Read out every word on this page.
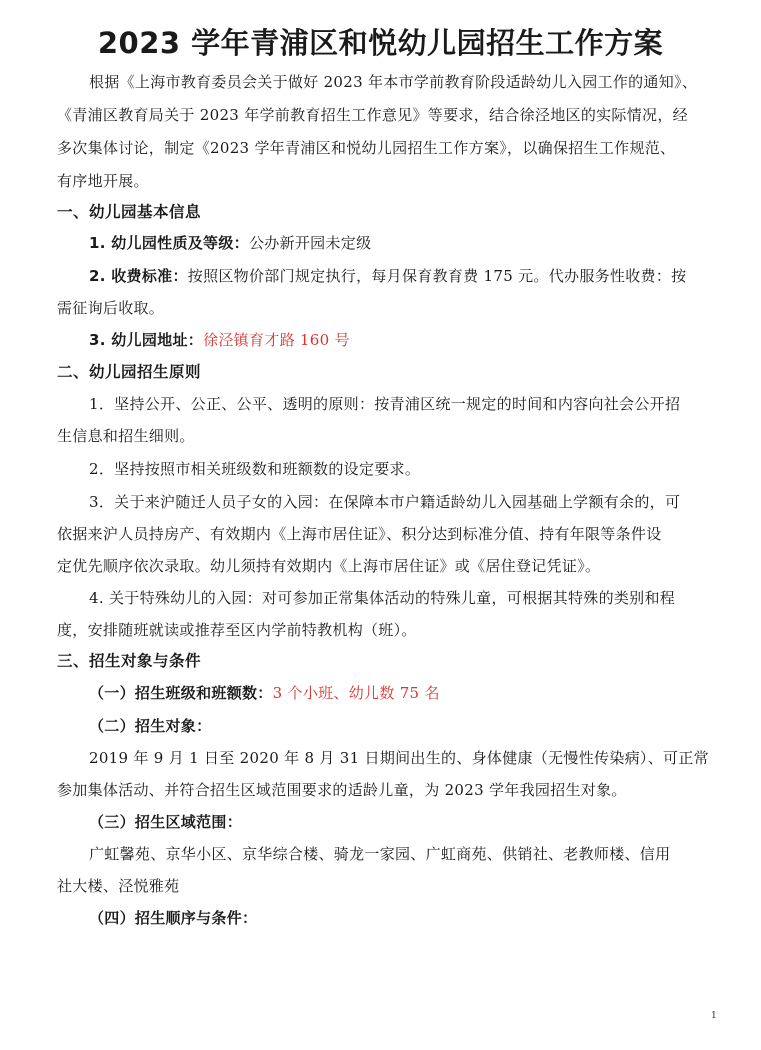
2023 学年青浦区和悦幼儿园招生工作方案
根据《上海市教育委员会关于做好 2023 年本市学前教育阶段适龄幼儿入园工作的通知》、
《青浦区教育局关于 2023 年学前教育招生工作意见》等要求，结合徐泾地区的实际情况，经
多次集体讨论，制定《2023 学年青浦区和悦幼儿园招生工作方案》，以确保招生工作规范、
有序地开展。
一、幼儿园基本信息
1. 幼儿园性质及等级：公办新开园未定级
2. 收费标准：按照区物价部门规定执行，每月保育教育费 175 元。代办服务性收费：按
需征询后收取。
3. 幼儿园地址：徐泾镇育才路 160 号
二、幼儿园招生原则
1．坚持公开、公正、公平、透明的原则：按青浦区统一规定的时间和内容向社会公开招
生信息和招生细则。
2．坚持按照市相关班级数和班额数的设定要求。
3．关于来沪随迁人员子女的入园：在保障本市户籍适龄幼儿入园基础上学额有余的，可
依据来沪人员持房产、有效期内《上海市居住证》、积分达到标准分值、持有年限等条件设
定优先顺序依次录取。幼儿须持有效期内《上海市居住证》或《居住登记凭证》。
4. 关于特殊幼儿的入园：对可参加正常集体活动的特殊儿童，可根据其特殊的类别和程
度，安排随班就读或推荐至区内学前特教机构（班）。
三、招生对象与条件
（一）招生班级和班额数：3 个小班、幼儿数 75 名
（二）招生对象：
2019 年 9 月 1 日至 2020 年 8 月 31 日期间出生的、身体健康（无慢性传染病）、可正常
参加集体活动、并符合招生区域范围要求的适龄儿童，为 2023 学年我园招生对象。
（三）招生区域范围：
广虹馨苑、京华小区、京华综合楼、骑龙一家园、广虹商苑、供销社、老教师楼、信用
社大楼、泾悦雅苑
（四）招生顺序与条件：
1
